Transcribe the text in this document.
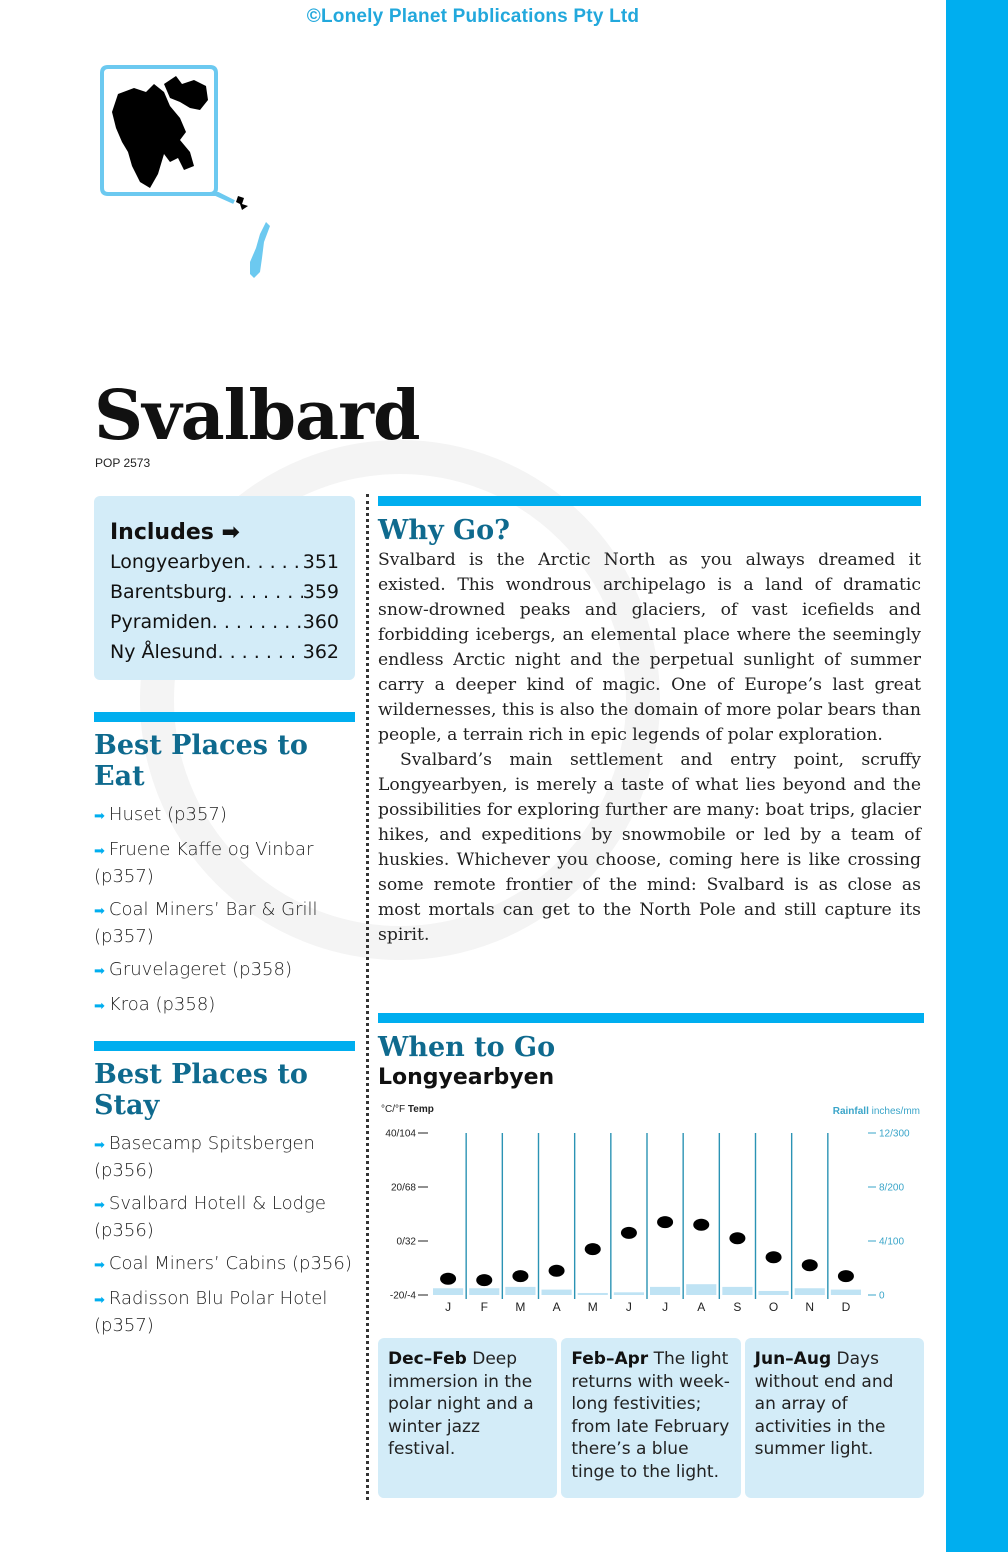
©Lonely Planet Publications Pty Ltd
Svalbard
POP 2573
Includes ➡
Longyearbyen . . .	351
Barentsburg . . .	359
Pyramiden . . .	360
Ny Ålesund . . .	362
Best Places to Eat
➡ Huset (p357)
➡ Fruene Kaffe og Vinbar (p357)
➡ Coal Miners’ Bar & Grill (p357)
➡ Gruvelageret (p358)
➡ Kroa (p358)
Best Places to Stay
➡ Basecamp Spitsbergen (p356)
➡ Svalbard Hotell & Lodge (p356)
➡ Coal Miners’ Cabins (p356)
➡ Radisson Blu Polar Hotel (p357)
Why Go?

Svalbard is the Arctic North as you always dreamed it existed. This wondrous archipelago is a land of dramatic snow-drowned peaks and glaciers, of vast icefields and forbidding icebergs, an elemental place where the seemingly endless Arctic night and the perpetual sunlight of summer carry a deeper kind of magic. One of Europe’s last great wildernesses, this is also the domain of more polar bears than people, a terrain rich in epic legends of polar exploration.

Svalbard’s main settlement and entry point, scruffy Longyearbyen, is merely a taste of what lies beyond and the possibilities for exploring further are many: boat trips, glacier hikes, and expeditions by snowmobile or led by a team of huskies. Whichever you choose, coming here is like crossing some remote frontier of the mind: Svalbard is as close as most mortals can get to the North Pole and still capture its spirit.

When to Go
Longyearbyen
°C/°F Temp	Rainfall inches/mm
40/104
20/68
0/32
-20/-4
12/300
8/200
4/100
0
J F M A M J	J A S O N D
Dec–Feb Deep immersion in the polar night and a winter jazz festival.
Feb–Apr The light returns with week-long festivities; from late February there’s a blue tinge to the light.
Jun–Aug Days without end and an array of activities in the summer light.
